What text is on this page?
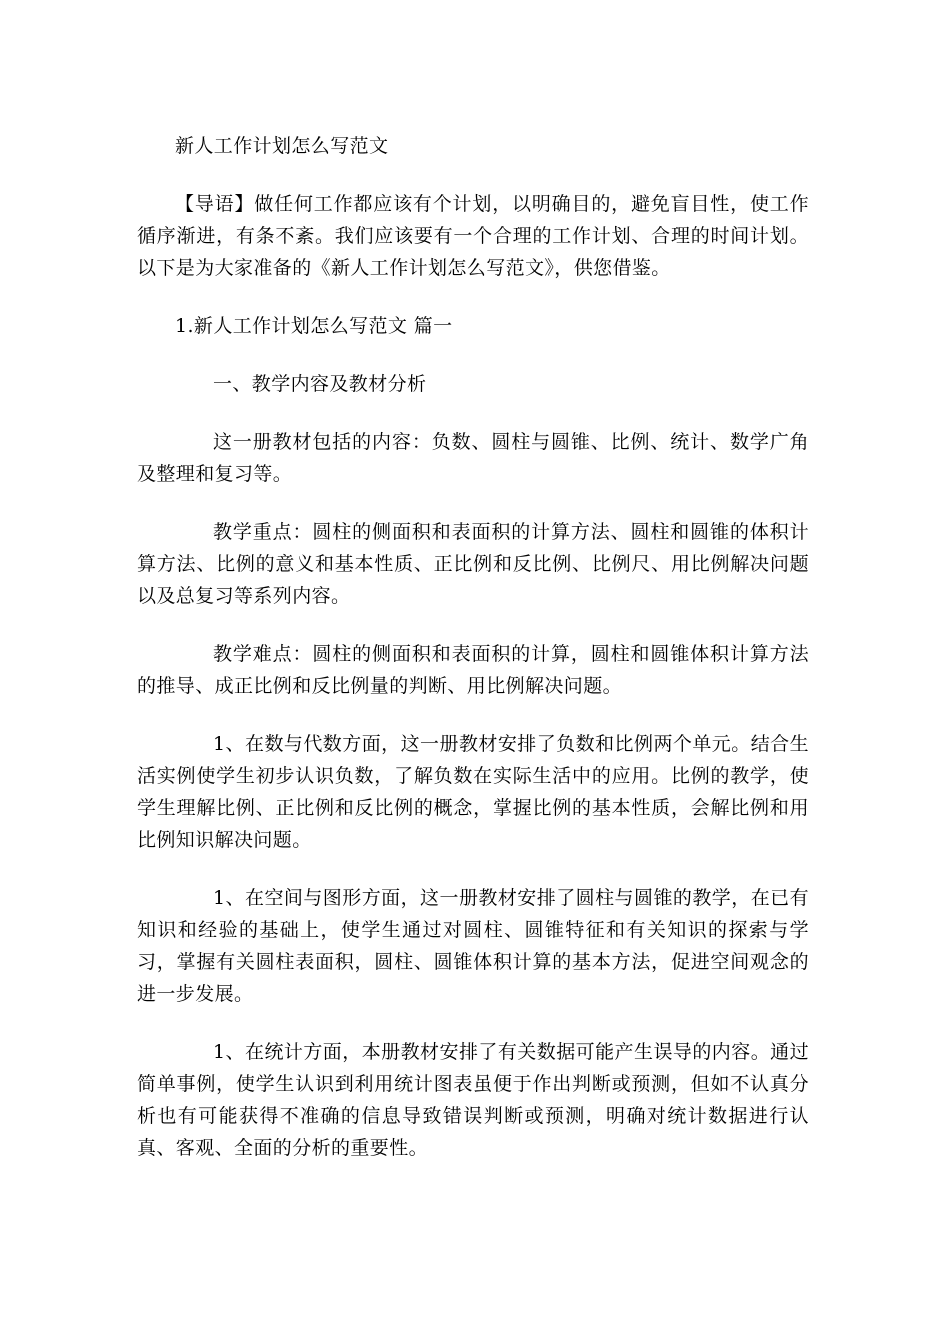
新人工作计划怎么写范文

【导语】做任何工作都应该有个计划，以明确目的，避免盲目性，使工作循序渐进，有条不紊。我们应该要有一个合理的工作计划、合理的时间计划。以下是为大家准备的《新人工作计划怎么写范文》，供您借鉴。

1.新人工作计划怎么写范文 篇一

一、教学内容及教材分析

这一册教材包括的内容：负数、圆柱与圆锥、比例、统计、数学广角及整理和复习等。

教学重点：圆柱的侧面积和表面积的计算方法、圆柱和圆锥的体积计算方法、比例的意义和基本性质、正比例和反比例、比例尺、用比例解决问题以及总复习等系列内容。

教学难点：圆柱的侧面积和表面积的计算，圆柱和圆锥体积计算方法的推导、成正比例和反比例量的判断、用比例解决问题。

1、在数与代数方面，这一册教材安排了负数和比例两个单元。结合生活实例使学生初步认识负数，了解负数在实际生活中的应用。比例的教学，使学生理解比例、正比例和反比例的概念，掌握比例的基本性质，会解比例和用比例知识解决问题。

1、在空间与图形方面，这一册教材安排了圆柱与圆锥的教学，在已有知识和经验的基础上，使学生通过对圆柱、圆锥特征和有关知识的探索与学习，掌握有关圆柱表面积，圆柱、圆锥体积计算的基本方法，促进空间观念的进一步发展。

1、在统计方面，本册教材安排了有关数据可能产生误导的内容。通过简单事例，使学生认识到利用统计图表虽便于作出判断或预测，但如不认真分析也有可能获得不准确的信息导致错误判断或预测，明确对统计数据进行认真、客观、全面的分析的重要性。
